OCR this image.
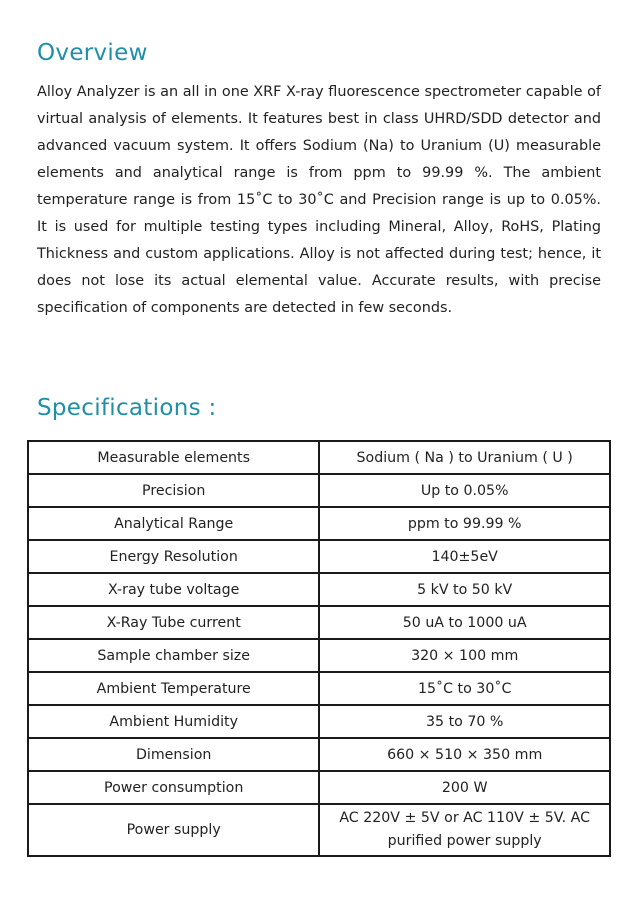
Overview

Alloy Analyzer is an all in one XRF X-ray fluorescence spectrometer capable of virtual analysis of elements. It features best in class UHRD/SDD detector and advanced vacuum system. It offers Sodium (Na) to Uranium (U) measurable elements and analytical range is from ppm to 99.99 %. The ambient temperature range is from 15˚C to 30˚C and Precision range is up to 0.05%. It is used for multiple testing types including Mineral, Alloy, RoHS, Plating Thickness and custom applications. Alloy is not affected during test; hence, it does not lose its actual elemental value. Accurate results, with precise specification of components are detected in few seconds.

Specifications :
Measurable elements	Sodium ( Na ) to Uranium ( U )
Precision	Up to 0.05%
Analytical Range	ppm to 99.99 %
Energy Resolution	140±5eV
X-ray tube voltage	5 kV to 50 kV
X-Ray Tube current	50 uA to 1000 uA
Sample chamber size	320 × 100 mm
Ambient Temperature	15˚C to 30˚C
Ambient Humidity	35 to 70 %
Dimension	660 × 510 × 350 mm
Power consumption	200 W
Power supply	AC 220V ± 5V or AC 110V ± 5V. AC purified power supply
